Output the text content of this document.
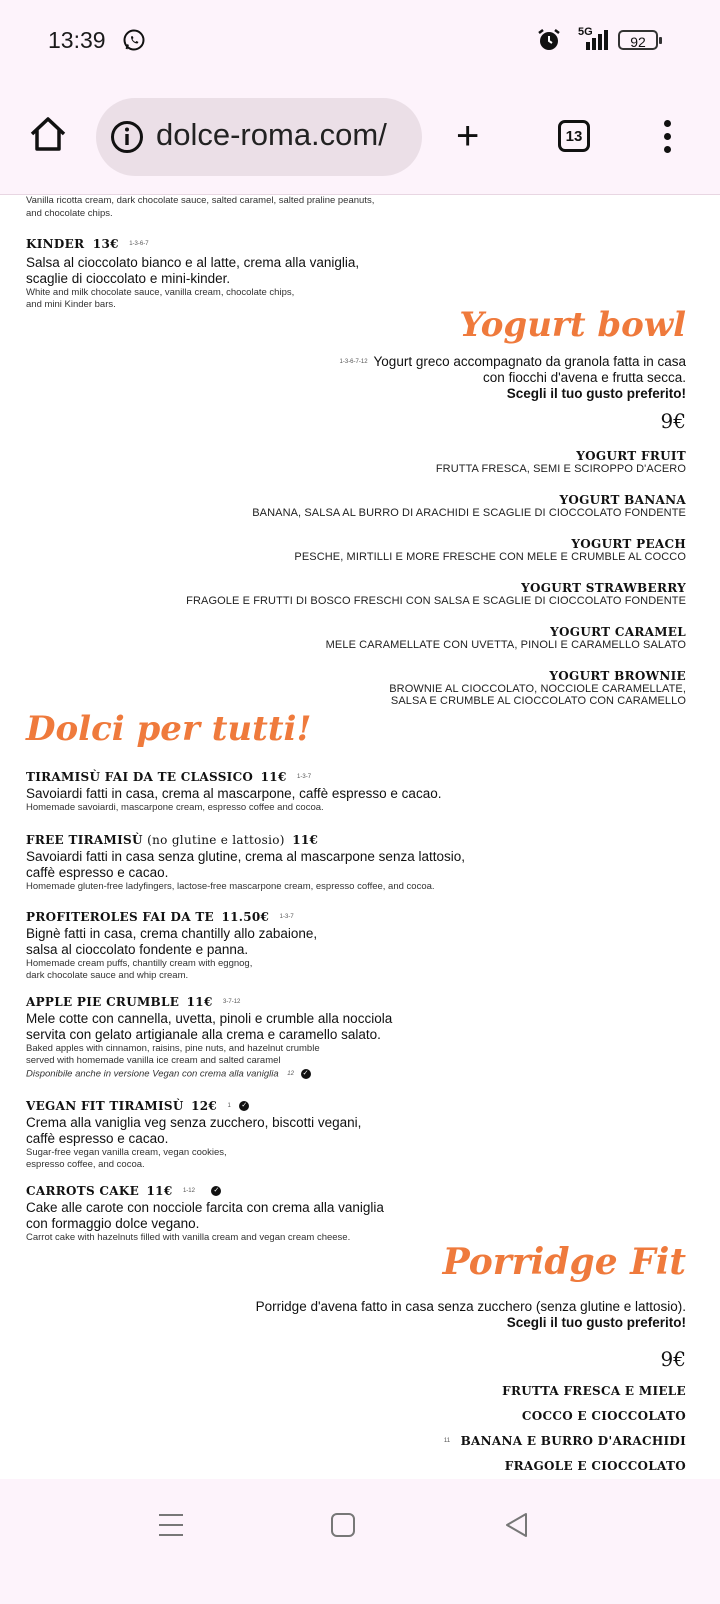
13:39	5G
92
dolce-roma.com/ +	13

Vanilla ricotta cream, dark chocolate sauce, salted caramel, salted praline peanuts,
and chocolate chips.
KINDER 13€ 1-3-6-7
Salsa al cioccolato bianco e al latte, crema alla vaniglia,
scaglie di cioccolato e mini-kinder.
White and milk chocolate sauce, vanilla cream, chocolate chips,
and mini Kinder bars.
Yogurt bowl
1-3-6-7-12 Yogurt greco accompagnato da granola fatta in casa
con fiocchi d'avena e frutta secca.
Scegli il tuo gusto preferito!
9€
YOGURT FRUIT
FRUTTA FRESCA, SEMI E SCIROPPO D'ACERO
YOGURT BANANA
BANANA, SALSA AL BURRO DI ARACHIDI E SCAGLIE DI CIOCCOLATO FONDENTE
YOGURT PEACH
PESCHE, MIRTILLI E MORE FRESCHE CON MELE E CRUMBLE AL COCCO
YOGURT STRAWBERRY
FRAGOLE E FRUTTI DI BOSCO FRESCHI CON SALSA E SCAGLIE DI CIOCCOLATO FONDENTE
YOGURT CARAMEL
MELE CARAMELLATE CON UVETTA, PINOLI E CARAMELLO SALATO
YOGURT BROWNIE
BROWNIE AL CIOCCOLATO, NOCCIOLE CARAMELLATE,
SALSA E CRUMBLE AL CIOCCOLATO CON CARAMELLO
Dolci per tutti!
TIRAMISÙ FAI DA TE CLASSICO 11€ 1-3-7
Savoiardi fatti in casa, crema al mascarpone, caffè espresso e cacao.
Homemade savoiardi, mascarpone cream, espresso coffee and cocoa.
FREE TIRAMISÙ (no glutine e lattosio) 11€
Savoiardi fatti in casa senza glutine, crema al mascarpone senza lattosio,
caffè espresso e cacao.
Homemade gluten-free ladyfingers, lactose-free mascarpone cream, espresso coffee, and cocoa.
PROFITEROLES FAI DA TE 11.50€ 1-3-7
Bignè fatti in casa, crema chantilly allo zabaione,
salsa al cioccolato fondente e panna.
Homemade cream puffs, chantilly cream with eggnog,
dark chocolate sauce and whip cream.
APPLE PIE CRUMBLE 11€ 3-7-12
Mele cotte con cannella, uvetta, pinoli e crumble alla nocciola
servita con gelato artigianale alla crema e caramello salato.
Baked apples with cinnamon, raisins, pine nuts, and hazelnut crumble
served with homemade vanilla ice cream and salted caramel
Disponibile anche in versione Vegan con crema alla vaniglia 12 ✓
VEGAN FIT TIRAMISÙ 12€ 1 ✓
Crema alla vaniglia veg senza zucchero, biscotti vegani,
caffè espresso e cacao.
Sugar-free vegan vanilla cream, vegan cookies,
espresso coffee, and cocoa.
CARROTS CAKE 11€ 1-12	✓
Cake alle carote con nocciole farcita con crema alla vaniglia
con formaggio dolce vegano.
Carrot cake with hazelnuts filled with vanilla cream and vegan cream cheese.
Porridge Fit
Porridge d'avena fatto in casa senza zucchero (senza glutine e lattosio).
Scegli il tuo gusto preferito!
9€
FRUTTA FRESCA E MIELE
COCCO E CIOCCOLATO
11 BANANA E BURRO D'ARACHIDI
FRAGOLE E CIOCCOLATO
